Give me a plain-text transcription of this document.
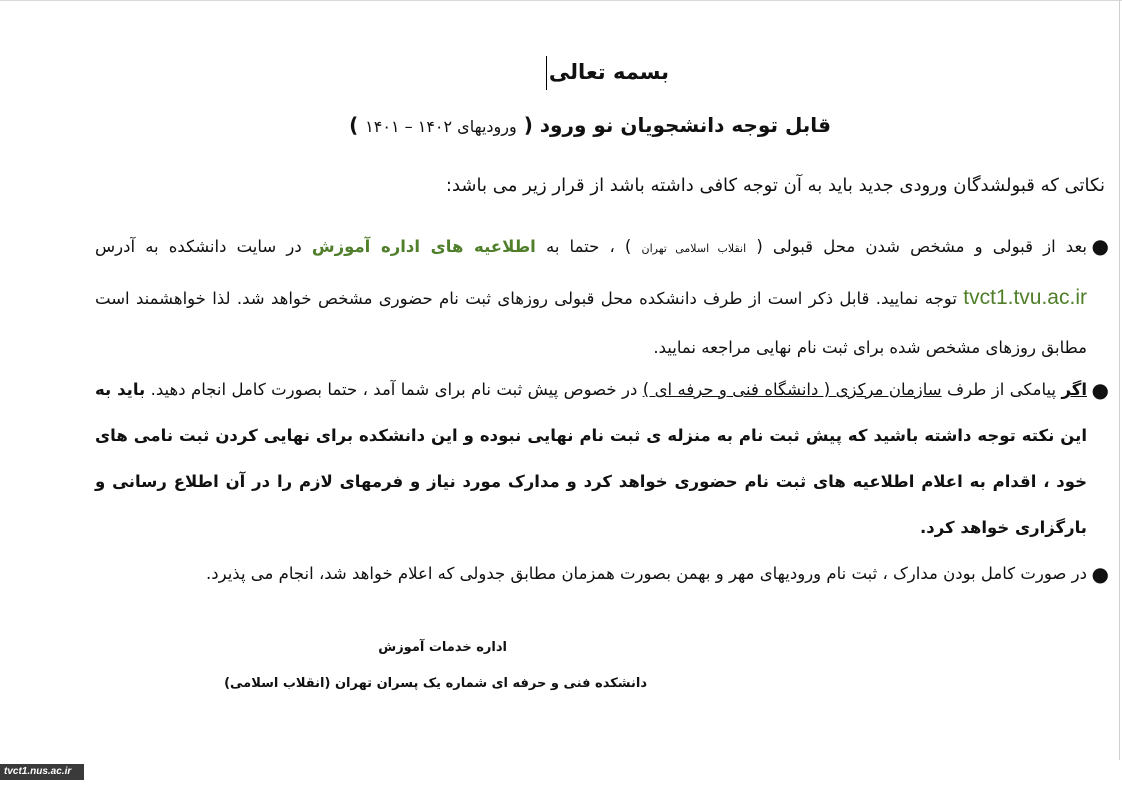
بسمه تعالی
قابل توجه دانشجویان نو ورود ( ورودیهای ۱۴۰۲ – ۱۴۰۱ )
نکاتی که قبولشدگان ورودی جدید باید به آن توجه کافی داشته باشد از قرار زیر می باشد:
●
بعد از قبولی و مشخص شدن محل قبولی ( انقلاب اسلامی تهران ) ، حتما به اطلاعیه های اداره آموزش در سایت دانشکده به آدرس tvct1.tvu.ac.ir توجه نمایید. قابل ذکر است از طرف دانشکده محل قبولی روزهای ثبت نام حضوری مشخص خواهد شد. لذا خواهشمند است مطابق روزهای مشخص شده برای ثبت نام نهایی مراجعه نمایید.
●
اگر پیامکی از طرف سازمان مرکزی ( دانشگاه فنی و حرفه ای ) در خصوص پیش ثبت نام برای شما آمد ، حتما بصورت کامل انجام دهید. باید به این نکته توجه داشته باشید که پیش ثبت نام به منزله ی ثبت نام نهایی نبوده و این دانشکده برای نهایی کردن ثبت نامی های خود ، اقدام به اعلام اطلاعیه های ثبت نام حضوری خواهد کرد و مدارک مورد نیاز و فرمهای لازم را در آن اطلاع رسانی و بارگزاری خواهد کرد.
●
در صورت کامل بودن مدارک ، ثبت نام ورودیهای مهر و بهمن بصورت همزمان مطابق جدولی که اعلام خواهد شد، انجام می پذیرد.
اداره خدمات آموزش
دانشکده فنی و حرفه ای شماره یک پسران تهران (انقلاب اسلامی)
tvct1.nus.ac.ir
